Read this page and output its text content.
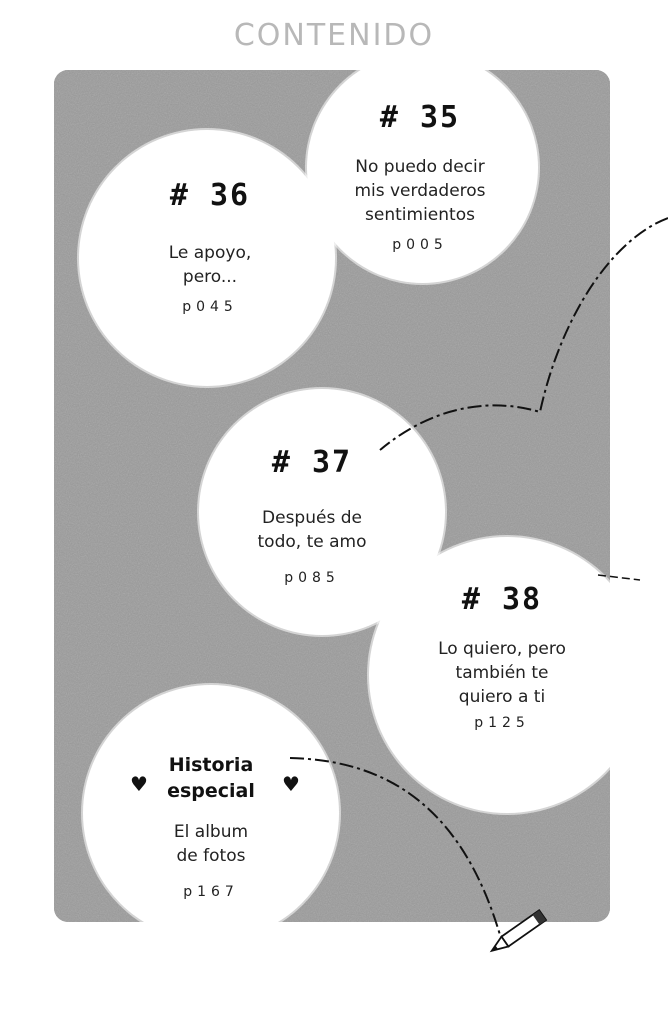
CONTENIDO
# 35
No puedo decir
mis verdaderos
sentimientos
p005
# 36
Le apoyo,
pero...
p045
# 37
Después de
todo, te amo
p085
# 38
Lo quiero, pero
también te
quiero a ti
p125
Historia
especial
El album
de fotos
p167
♥	♥
